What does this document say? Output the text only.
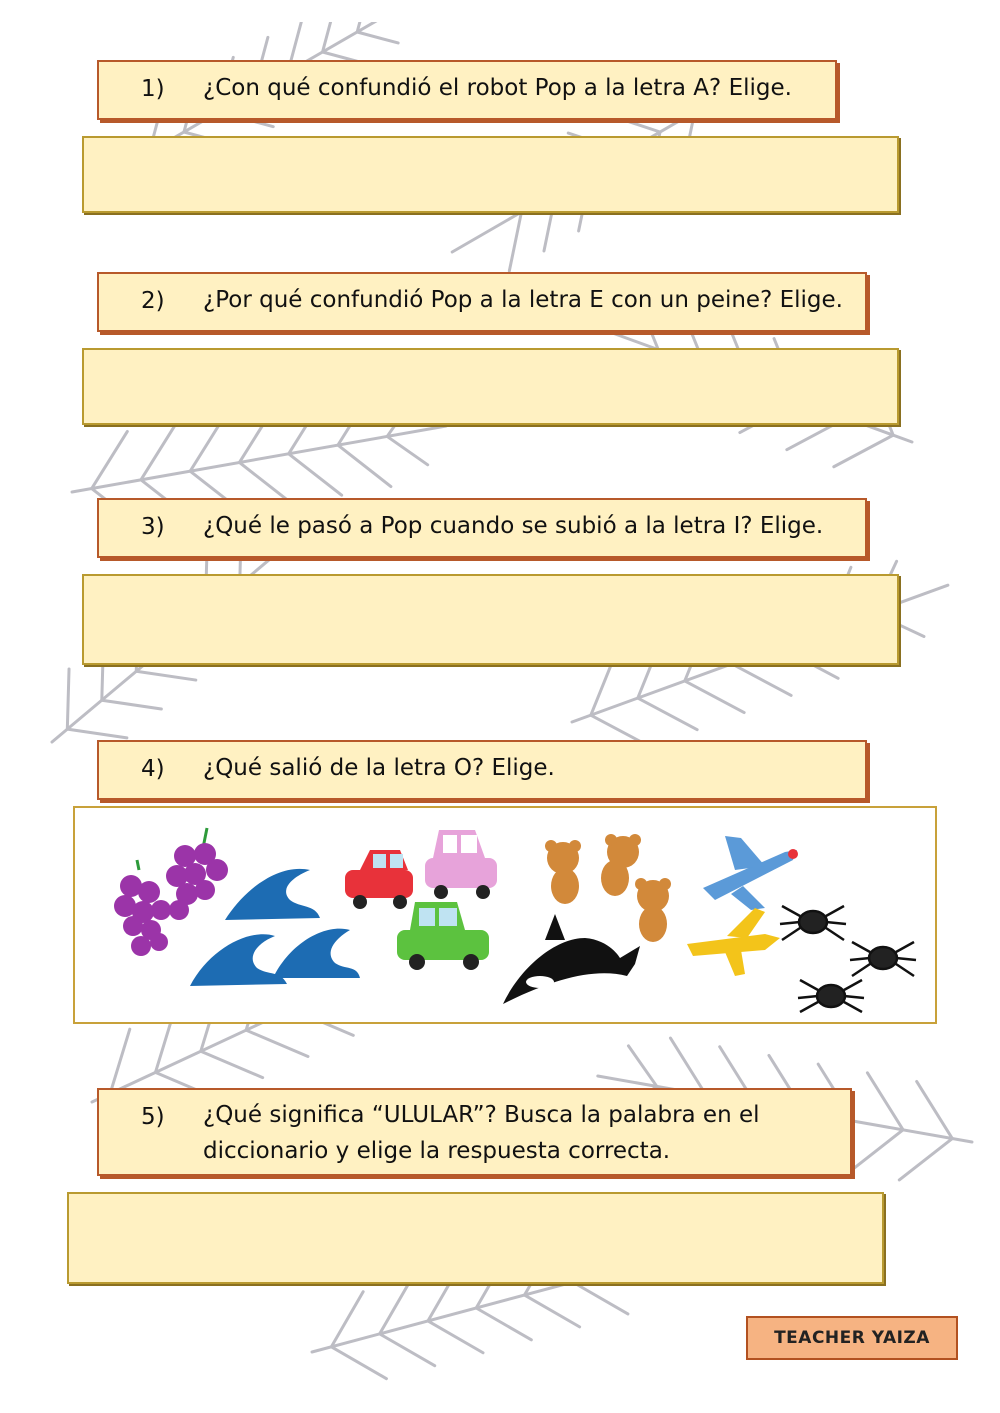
1) ¿Con qué confundió el robot Pop a la letra A? Elige.
2) ¿Por qué confundió Pop a la letra E con un peine? Elige.
3) ¿Qué le pasó a Pop cuando se subió a la letra I? Elige.
4) ¿Qué salió de la letra O? Elige.
5) ¿Qué significa “ULULAR”? Busca la palabra en el diccionario y elige la respuesta correcta.
TEACHER YAIZA
